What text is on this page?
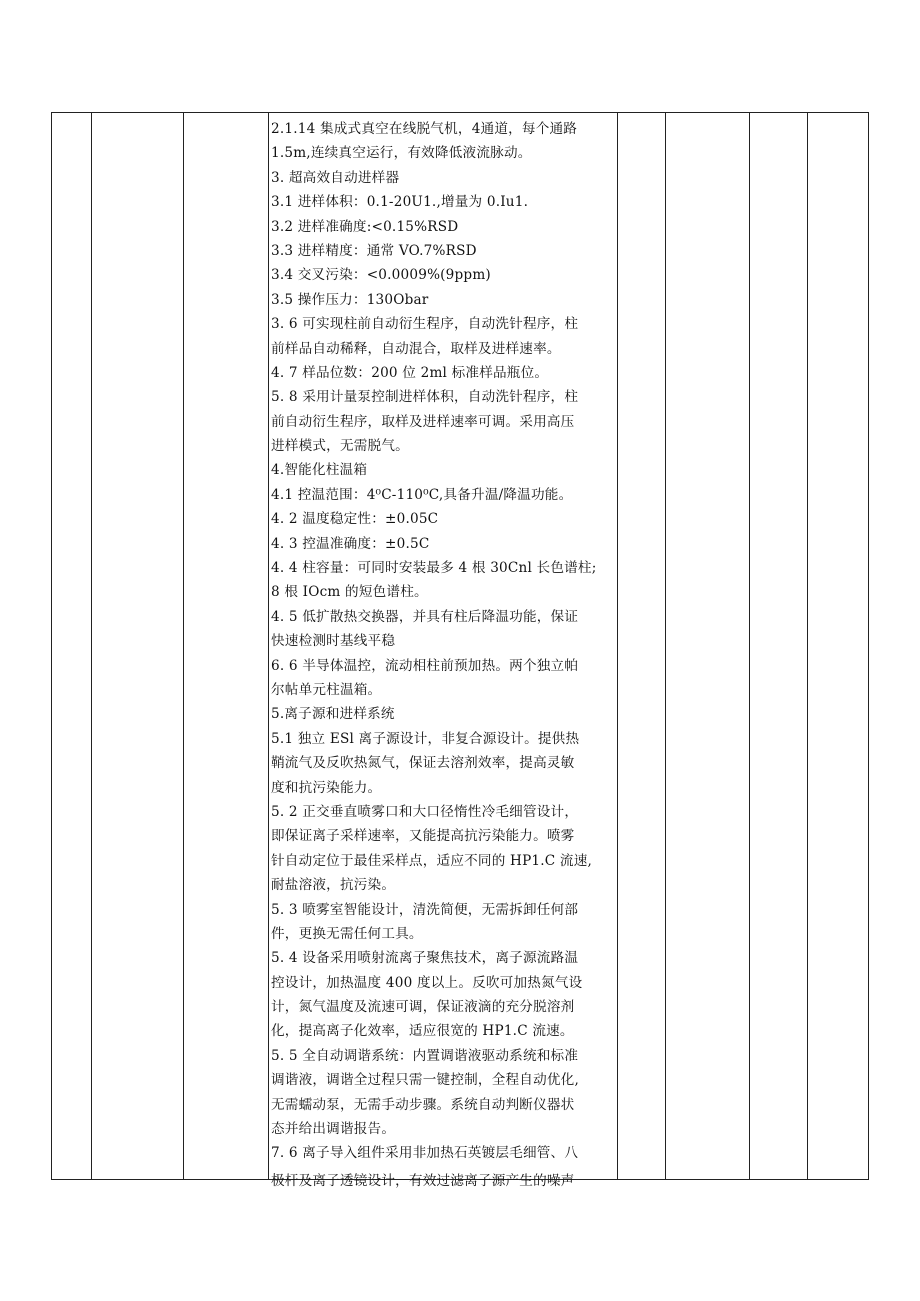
2.1.14 集成式真空在线脱气机，4通道，每个通路
1.5m,连续真空运行，有效降低液流脉动。
3. 超高效自动进样器
3.1 进样体积：0.1-20U1.,增量为 0.Iu1.
3.2 进样准确度:<0.15%RSD
3.3 进样精度：通常 VO.7%RSD
3.4 交叉污染：<0.0009%(9ppm)
3.5 操作压力：130Obar
3. 6 可实现柱前自动衍生程序，自动洗针程序，柱
前样品自动稀释，自动混合，取样及进样速率。
4. 7 样品位数：200 位 2ml 标准样品瓶位。
5. 8 采用计量泵控制进样体积，自动洗针程序，柱
前自动衍生程序，取样及进样速率可调。采用高压
进样模式，无需脱气。
4.智能化柱温箱
4.1 控温范围：4⁰C-110⁰C,具备升温/降温功能。
4. 2 温度稳定性：±0.05C
4. 3 控温准确度：±0.5C
4. 4 柱容量：可同时安装最多 4 根 30Cnl 长色谱柱;
8 根 IOcm 的短色谱柱。
4. 5 低扩散热交换器，并具有柱后降温功能，保证
快速检测时基线平稳
6. 6 半导体温控，流动相柱前预加热。两个独立帕
尔帖单元柱温箱。
5.离子源和进样系统
5.1 独立 ESl 离子源设计，非复合源设计。提供热
鞘流气及反吹热氮气，保证去溶剂效率，提高灵敏
度和抗污染能力。
5. 2 正交垂直喷雾口和大口径惰性冷毛细管设计，
即保证离子采样速率，又能提高抗污染能力。喷雾
针自动定位于最佳采样点，适应不同的 HP1.C 流速,
耐盐溶液，抗污染。
5. 3 喷雾室智能设计，清洗简便，无需拆卸任何部
件，更换无需任何工具。
5. 4 设备采用喷射流离子聚焦技术，离子源流路温
控设计，加热温度 400 度以上。反吹可加热氮气设
计，氮气温度及流速可调，保证液滴的充分脱溶剂
化，提高离子化效率，适应很宽的 HP1.C 流速。
5. 5 全自动调谐系统：内置调谐液驱动系统和标准
调谐液，调谐全过程只需一键控制，全程自动优化,
无需蠕动泵，无需手动步骤。系统自动判断仪器状
态并给出调谐报告。
7. 6 离子导入组件采用非加热石英镀层毛细管、八
极杆及离子透镜设计，有效过滤离子源产生的噪声
